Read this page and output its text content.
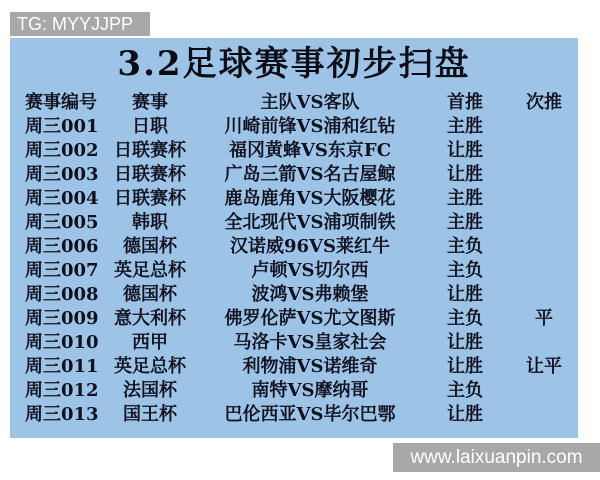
TG: MYYJJPP
3.2足球赛事初步扫盘
赛事编号	赛事	主队VS客队	首推	次推
周三001	日职	川崎前锋VS浦和红钻	主胜
周三002 日联赛杯	福冈黄蜂VS东京FC	让胜
周三003 日联赛杯	广岛三箭VS名古屋鲸	让胜
周三004 日联赛杯	鹿岛鹿角VS大阪樱花	主胜
周三005	韩职	全北现代VS浦项制铁	主胜
周三006	德国杯	汉诺威96VS莱红牛	主负
周三007 英足总杯	卢顿VS切尔西	主负
周三008	德国杯	波鸿VS弗赖堡	让胜
周三009 意大利杯	佛罗伦萨VS尤文图斯	主负	平
周三010	西甲	马洛卡VS皇家社会	让胜
周三011 英足总杯	利物浦VS诺维奇	让胜	让平
周三012	法国杯	南特VS摩纳哥	主负
周三013	国王杯	巴伦西亚VS毕尔巴鄂	让胜
www.laixuanpin.com
